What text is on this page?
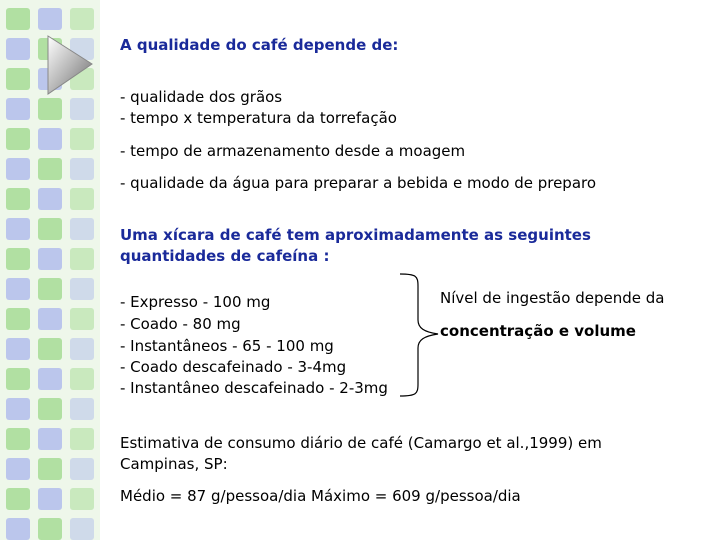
A qualidade do café depende de:
- qualidade dos grãos
- tempo x temperatura da torrefação
- tempo de armazenamento desde a moagem
- qualidade da água para preparar a bebida e modo de preparo
Uma xícara de café tem aproximadamente as seguintes
quantidades de cafeína :
- Expresso - 100 mg
- Coado - 80 mg
- Instantâneos - 65 - 100 mg
- Coado descafeinado - 3-4mg
- Instantâneo descafeinado - 2-3mg
Nível de ingestão depende da
concentração e volume
Estimativa de consumo diário de café (Camargo et al.,1999) em
Campinas, SP:
Médio = 87 g/pessoa/dia Máximo = 609 g/pessoa/dia
